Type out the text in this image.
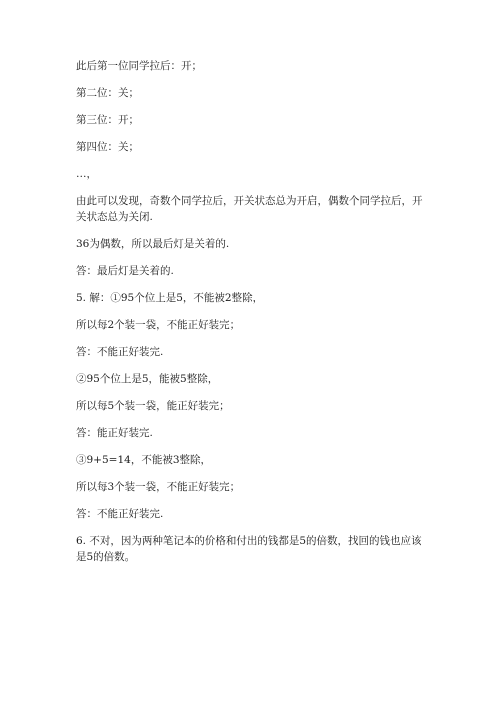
此后第一位同学拉后：开；

第二位：关；

第三位：开；

第四位：关；

…，

由此可以发现，奇数个同学拉后，开关状态总为开启，偶数个同学拉后，开关状态总为关闭.

36为偶数，所以最后灯是关着的.

答：最后灯是关着的.

5. 解：①95个位上是5，不能被2整除，

所以每2个装一袋，不能正好装完；

答：不能正好装完.

②95个位上是5，能被5整除，

所以每5个装一袋，能正好装完；

答：能正好装完.

③9+5=14，不能被3整除，

所以每3个装一袋，不能正好装完；

答：不能正好装完.

6. 不对，因为两种笔记本的价格和付出的钱都是5的倍数，找回的钱也应该是5的倍数。
